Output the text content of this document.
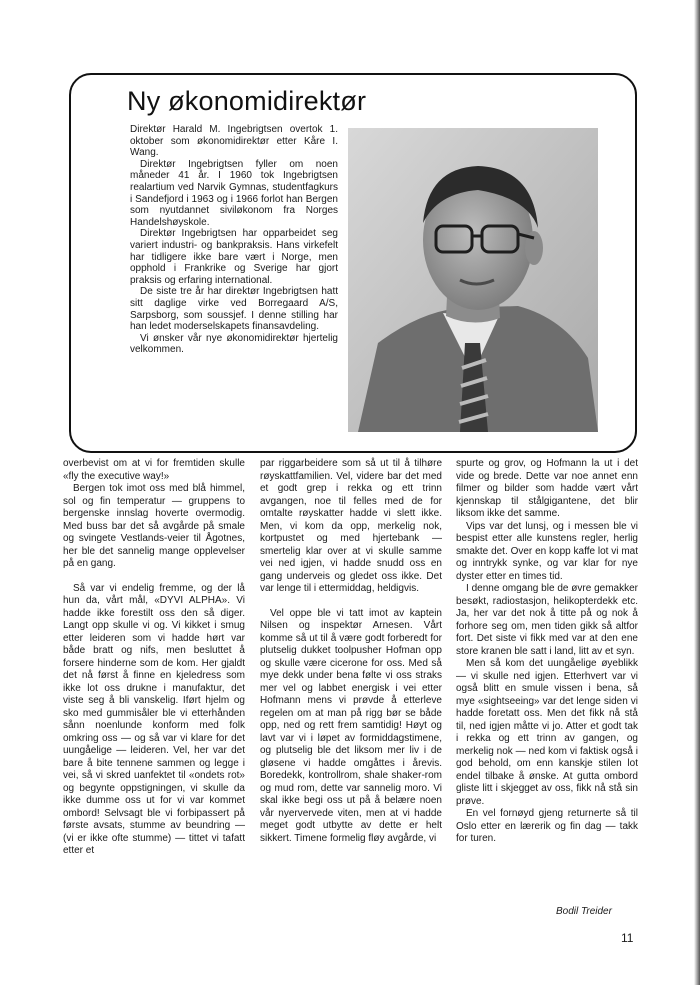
Ny økonomidirektør

Direktør Harald M. Ingebrigtsen overtok 1. oktober som økonomidirektør etter Kåre I. Wang.

Direktør Ingebrigtsen fyller om noen måneder 41 år. I 1960 tok Ingebrigtsen realartium ved Narvik Gymnas, studentfagkurs i Sandefjord i 1963 og i 1966 forlot han Bergen som nyutdannet siviløkonom fra Norges Handelshøyskole.

Direktør Ingebrigtsen har opparbeidet seg variert industri- og bankpraksis. Hans virkefelt har tidligere ikke bare vært i Norge, men opphold i Frankrike og Sverige har gjort praksis og erfaring international.

De siste tre år har direktør Ingebrigtsen hatt sitt daglige virke ved Borregaard A/S, Sarpsborg, som soussjef. I denne stilling har han ledet moderselskapets finansavdeling.

Vi ønsker vår nye økonomidirektør hjertelig velkommen.

overbevist om at vi for fremtiden skulle «fly the executive way!»

Bergen tok imot oss med blå himmel, sol og fin temperatur — gruppens to bergenske innslag hoverte overmodig. Med buss bar det så avgårde på smale og svingete Vestlands-veier til Ågotnes, her ble det sannelig mange opplevelser på en gang.

Så var vi endelig fremme, og der lå hun da, vårt mål, «DYVI ALPHA». Vi hadde ikke forestilt oss den så diger. Langt opp skulle vi og. Vi kikket i smug etter leideren som vi hadde hørt var både bratt og nifs, men besluttet å forsere hinderne som de kom. Her gjaldt det nå først å finne en kjeledress som ikke lot oss drukne i manufaktur, det viste seg å bli vanskelig. Iført hjelm og sko med gummisåler ble vi etterhånden sånn noenlunde konform med folk omkring oss — og så var vi klare for det uungåelige — leideren. Vel, her var det bare å bite tennene sammen og legge i vei, så vi skred uanfektet til «ondets rot» og begynte oppstigningen, vi skulle da ikke dumme oss ut for vi var kommet ombord! Selvsagt ble vi forbipassert på første avsats, stumme av beundring — (vi er ikke ofte stumme) — tittet vi tafatt etter et

par riggarbeidere som så ut til å tilhøre røyskattfamilien. Vel, videre bar det med et godt grep i rekka og ett trinn avgangen, noe til felles med de for omtalte røyskatter hadde vi slett ikke. Men, vi kom da opp, merkelig nok, kortpustet og med hjertebank — smertelig klar over at vi skulle samme vei ned igjen, vi hadde snudd oss en gang underveis og gledet oss ikke. Det var lenge til i ettermiddag, heldigvis.

Vel oppe ble vi tatt imot av kaptein Nilsen og inspektør Arnesen. Vårt komme så ut til å være godt forberedt for plutselig dukket toolpusher Hofman opp og skulle være cicerone for oss. Med så mye dekk under bena følte vi oss straks mer vel og labbet energisk i vei etter Hofmann mens vi prøvde å etterleve regelen om at man på rigg bør se både opp, ned og rett frem samtidig! Høyt og lavt var vi i løpet av formiddagstimene, og plutselig ble det liksom mer liv i de gløsene vi hadde omgåttes i årevis. Boredekk, kontrollrom, shale shaker-rom og mud rom, dette var sannelig moro. Vi skal ikke begi oss ut på å belære noen vår nyervervede viten, men at vi hadde meget godt utbytte av dette er helt sikkert. Timene formelig fløy avgårde, vi

spurte og grov, og Hofmann la ut i det vide og brede. Dette var noe annet enn filmer og bilder som hadde vært vårt kjennskap til stålgigantene, det blir liksom ikke det samme.

Vips var det lunsj, og i messen ble vi bespist etter alle kunstens regler, herlig smakte det. Over en kopp kaffe lot vi mat og inntrykk synke, og var klar for nye dyster etter en times tid.

I denne omgang ble de øvre gemakker besøkt, radiostasjon, helikopterdekk etc. Ja, her var det nok å titte på og nok å forhore seg om, men tiden gikk så altfor fort. Det siste vi fikk med var at den ene store kranen ble satt i land, litt av et syn.

Men så kom det uungåelige øyeblikk — vi skulle ned igjen. Etterhvert var vi også blitt en smule vissen i bena, så mye «sightseeing» var det lenge siden vi hadde foretatt oss. Men det fikk nå stå til, ned igjen måtte vi jo. Atter et godt tak i rekka og ett trinn av gangen, og merkelig nok — ned kom vi faktisk også i god behold, om enn kanskje stilen lot endel tilbake å ønske. At gutta ombord gliste litt i skjegget av oss, fikk nå stå sin prøve.

En vel fornøyd gjeng returnerte så til Oslo etter en lærerik og fin dag — takk for turen.

Bodil Treider
11
